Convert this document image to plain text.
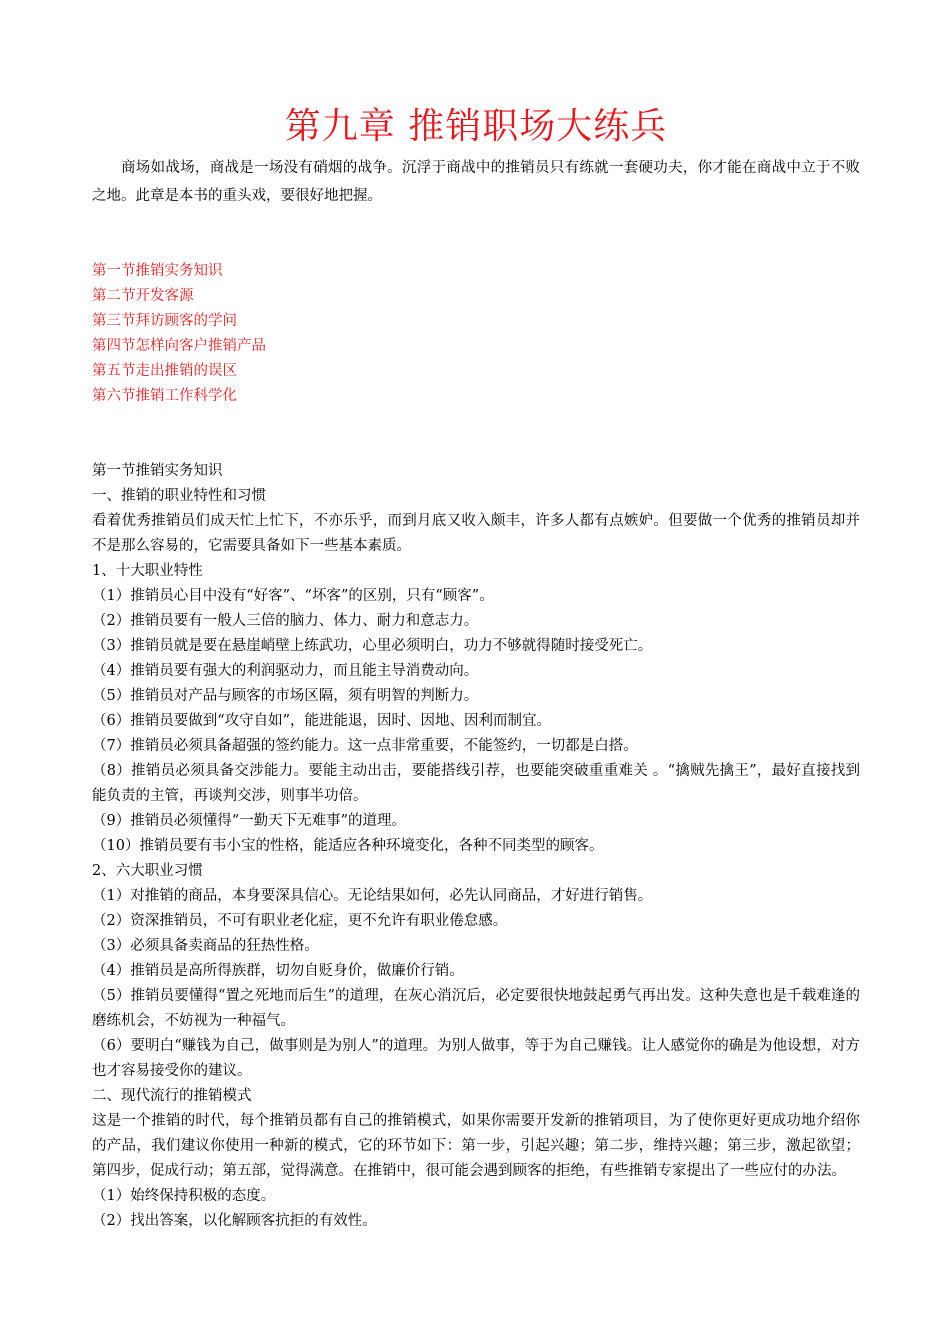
第九章 推销职场大练兵

商场如战场，商战是一场没有硝烟的战争。沉浮于商战中的推销员只有练就一套硬功夫，你才能在商战中立于不败之地。此章是本书的重头戏，要很好地把握。

第一节推销实务知识
第二节开发客源
第三节拜访顾客的学问
第四节怎样向客户推销产品
第五节走出推销的误区
第六节推销工作科学化

第一节推销实务知识

一、推销的职业特性和习惯

看着优秀推销员们成天忙上忙下，不亦乐乎，而到月底又收入颇丰，许多人都有点嫉妒。但要做一个优秀的推销员却并不是那么容易的，它需要具备如下一些基本素质。

1、十大职业特性

（1）推销员心目中没有“好客”、“坏客”的区别，只有“顾客”。

（2）推销员要有一般人三倍的脑力、体力、耐力和意志力。

（3）推销员就是要在悬崖峭壁上练武功，心里必须明白，功力不够就得随时接受死亡。

（4）推销员要有强大的利润驱动力，而且能主导消费动向。

（5）推销员对产品与顾客的市场区隔，须有明智的判断力。

（6）推销员要做到“攻守自如”，能进能退，因时、因地、因利而制宜。

（7）推销员必须具备超强的签约能力。这一点非常重要，不能签约，一切都是白搭。

（8）推销员必须具备交涉能力。要能主动出击，要能搭线引荐，也要能突破重重难关 。“擒贼先擒王”，最好直接找到能负责的主管，再谈判交涉，则事半功倍。

（9）推销员必须懂得“一勤天下无难事”的道理。

（10）推销员要有韦小宝的性格，能适应各种环境变化，各种不同类型的顾客。

2、六大职业习惯

（1）对推销的商品，本身要深具信心。无论结果如何，必先认同商品，才好进行销售。

（2）资深推销员，不可有职业老化症，更不允许有职业倦怠感。

（3）必须具备卖商品的狂热性格。

（4）推销员是高所得族群，切勿自贬身价，做廉价行销。

（5）推销员要懂得“置之死地而后生”的道理，在灰心消沉后，必定要很快地鼓起勇气再出发。这种失意也是千载难逢的磨练机会，不妨视为一种福气。

（6）要明白“赚钱为自己，做事则是为别人”的道理。为别人做事，等于为自己赚钱。让人感觉你的确是为他设想，对方也才容易接受你的建议。

二、现代流行的推销模式

这是一个推销的时代，每个推销员都有自己的推销模式，如果你需要开发新的推销项目，为了使你更好更成功地介绍你的产品，我们建议你使用一种新的模式，它的环节如下：第一步，引起兴趣；第二步，维持兴趣；第三步，激起欲望；第四步，促成行动；第五部，觉得满意。在推销中，很可能会遇到顾客的拒绝，有些推销专家提出了一些应付的办法。

（1）始终保持积极的态度。

（2）找出答案，以化解顾客抗拒的有效性。
